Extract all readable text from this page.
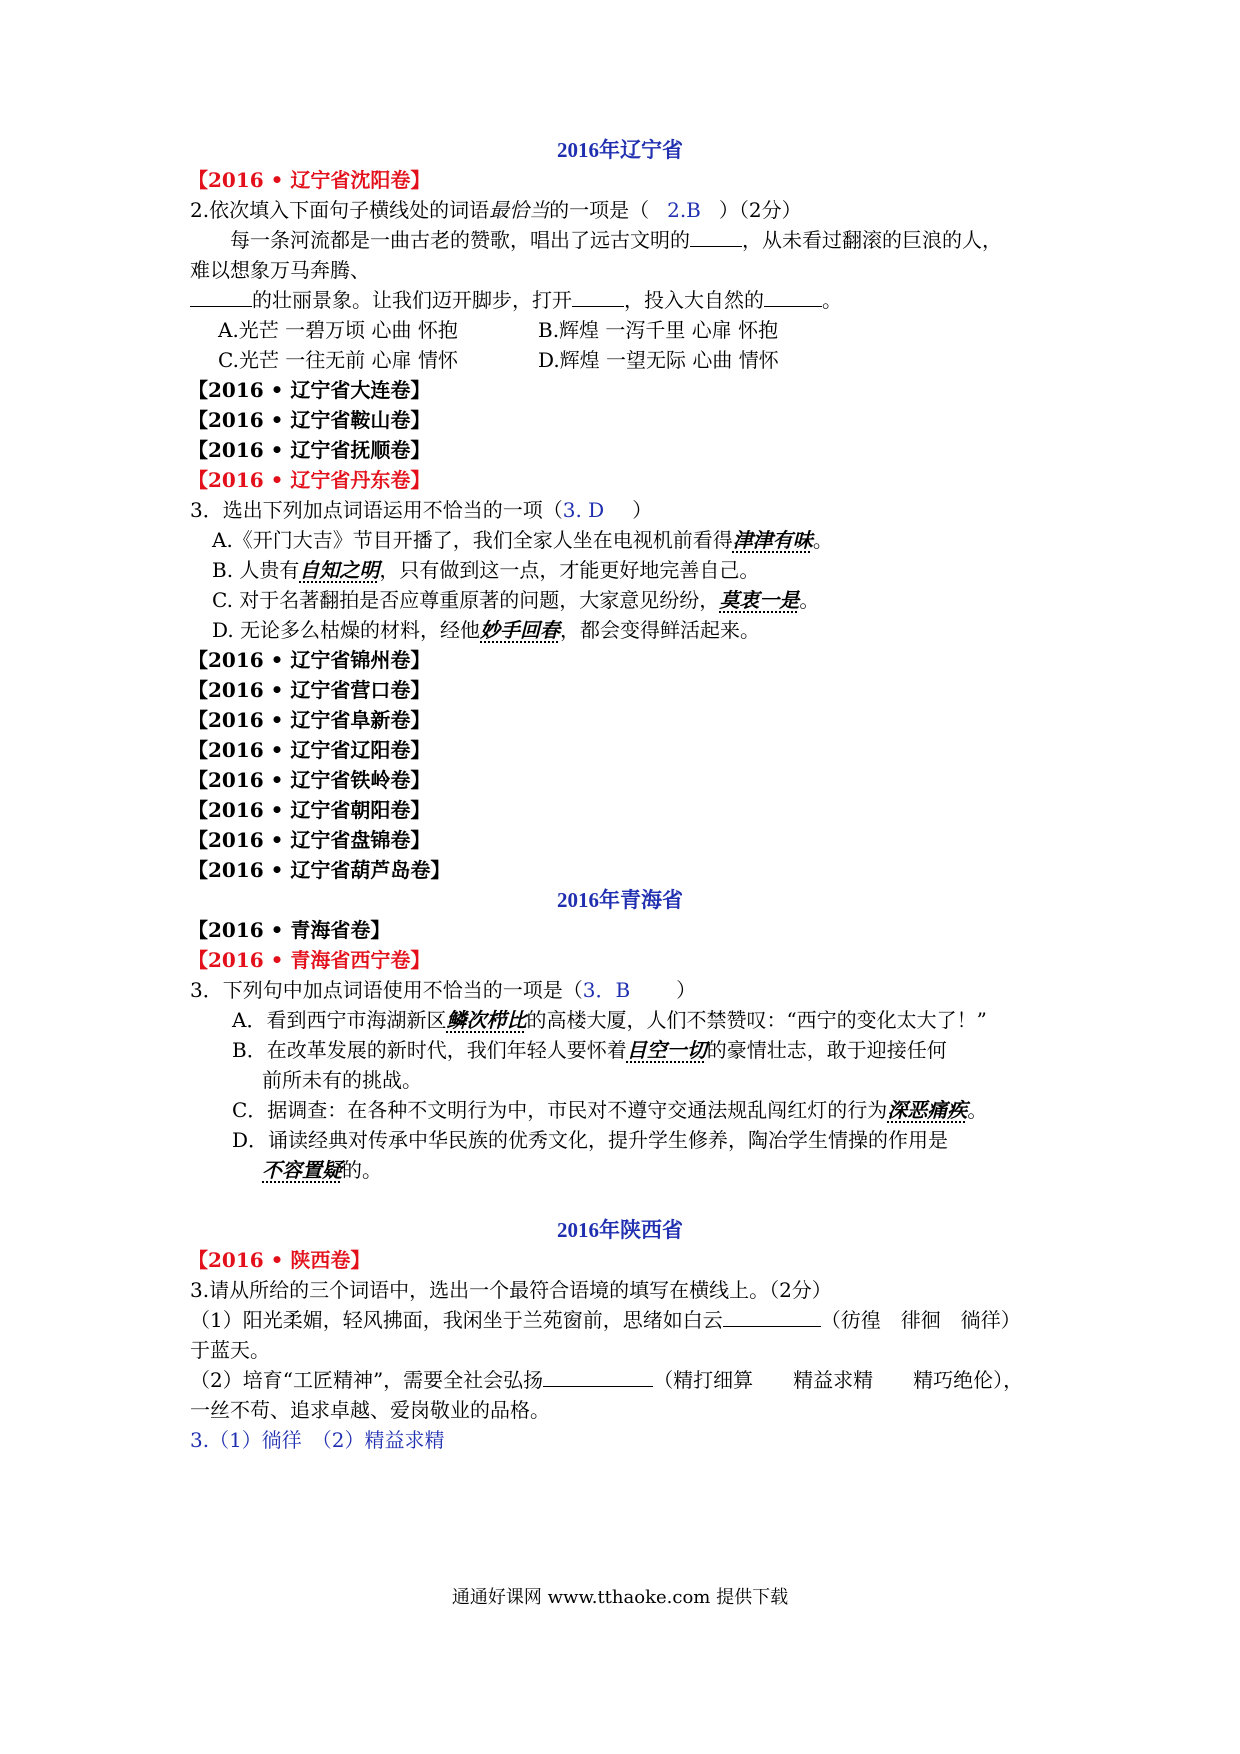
2016年辽宁省
【2016 • 辽宁省沈阳卷】
2.依次填入下面句子横线处的词语最恰当的一项是（ 2.B ）（2分）
每一条河流都是一曲古老的赞歌，唱出了远古文明的	，从未看过翻滚的巨浪的人，
难以想象万马奔腾、
的壮丽景象。让我们迈开脚步，打开	，投入大自然的	。
A.光芒 一碧万顷 心曲 怀抱	B.辉煌 一泻千里 心扉 怀抱
C.光芒 一往无前 心扉 情怀	D.辉煌 一望无际 心曲 情怀
【2016 • 辽宁省大连卷】
【2016 • 辽宁省鞍山卷】
【2016 • 辽宁省抚顺卷】
【2016 • 辽宁省丹东卷】
3．选出下列加点词语运用不恰当的一项（3. D ）
A.《开门大吉》节目开播了，我们全家人坐在电视机前看得津津有味。
B. 人贵有自知之明，只有做到这一点，才能更好地完善自己。
C. 对于名著翻拍是否应尊重原著的问题，大家意见纷纷，莫衷一是。
D. 无论多么枯燥的材料，经他妙手回春，都会变得鲜活起来。
【2016 • 辽宁省锦州卷】
【2016 • 辽宁省营口卷】
【2016 • 辽宁省阜新卷】
【2016 • 辽宁省辽阳卷】
【2016 • 辽宁省铁岭卷】
【2016 • 辽宁省朝阳卷】
【2016 • 辽宁省盘锦卷】
【2016 • 辽宁省葫芦岛卷】
2016年青海省
【2016 • 青海省卷】
【2016 • 青海省西宁卷】
3．下列句中加点词语使用不恰当的一项是（3．B ）
A．看到西宁市海湖新区鳞次栉比的高楼大厦，人们不禁赞叹：“西宁的变化太大了！”
B．在改革发展的新时代，我们年轻人要怀着目空一切的豪情壮志，敢于迎接任何
前所未有的挑战。
C．据调查：在各种不文明行为中，市民对不遵守交通法规乱闯红灯的行为深恶痛疾。
D．诵读经典对传承中华民族的优秀文化，提升学生修养，陶冶学生情操的作用是
不容置疑的。
2016年陕西省
【2016 • 陕西卷】
3.请从所给的三个词语中，选出一个最符合语境的填写在横线上。（2分）
（1）阳光柔媚，轻风拂面，我闲坐于兰苑窗前，思绪如白云	（彷徨　徘徊　徜徉）
于蓝天。
（2）培育“工匠精神”，需要全社会弘扬	（精打细算　　精益求精　　精巧绝伦），
一丝不苟、追求卓越、爱岗敬业的品格。
3.（1）徜徉　（2）精益求精
通通好课网 www.tthaoke.com 提供下载
